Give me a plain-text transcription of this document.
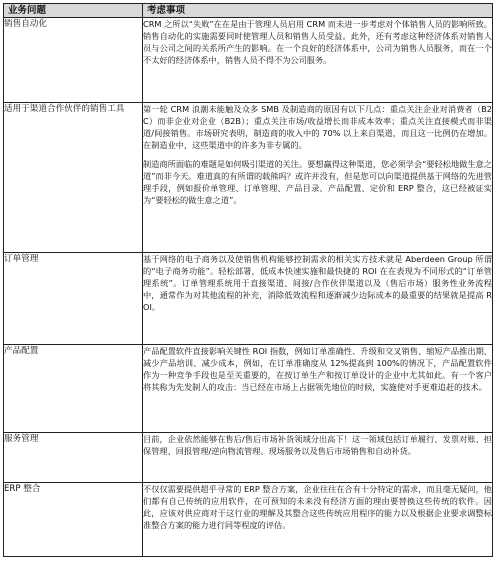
业务问题	考虑事项
销售自动化	CRM 之所以“失败”在在是由于管理人员启用 CRM 而未进一步考虑对个体销售人员的影响所致。销售自动化的实施需要同时使管理人员和销售人员受益。此外，还有考虑这种经济体系对销售人员与公司之间的关系所产生的影响。在一个良好的经济体系中，公司为销售人员服务，而在一个不太好的经济体系中，销售人员不得不为公司服务。

适用于渠道合作伙伴的销售工具	第一轮 CRM 浪潮未能触及众多 SMB 及制造商的原因有以下几点：重点关注企业对消费者（B2C）而非企业对企业（B2B）；重点关注市场/收益增长而非成本效率；重点关注直接模式而非渠道/间接销售。市场研究表明，制造商的收入中的 70% 以上来自渠道，而且这一比例仍在增加。在制造业中，这些渠道中的许多为非专属的。

制造商所面临的难题是如何吸引渠道的关注。要想赢得这种渠道，您必须学会“要轻松地做生意之道”而非今天。难道真的有所谓的载熊吗？或许并没有，但是您可以向渠道提供基于网络的先进管理手段，例如报价单管理、订单管理、产品目录、产品配置、定价和 ERP 整合，这已经被证实为“要轻松的做生意之道”。

订单管理	基于网络的电子商务以及使销售机构能够控制需求的相关实方技术就是 Aberdeen Group 所谓的“电子商务功能”。轻松部署，低成本快速实施和最快捷的 ROI 在在表现为不同形式的“订单管理系统”。订单管理系统用于直接渠道、间接/合作伙伴渠道以及（售后市场）服务性业务流程中，通常作为对其他流程的补充，消除低效流程和逐渐减少边际成本的最重要的结果就是提高 ROI。

产品配置	产品配置软件直接影响关键性 ROI 指数，例如订单准确性、升级和交叉销售、缩短产品推出期、减少产品培训、减少成本，例如，在订单准确度从 12%提高到 100%的情况下，产品配置软件作为一种竞争手段也是至关重要的，在按订单生产和按订单设计的企业中尤其如此。有一个客户将其称为先发制人的攻击：当已经在市场上占据领先地位的时候，实施使对手更难追赶的技术。

服务管理	目前，企业依然能够在售后/售后市场补货领域分出高下！这一领域包括订单履行、发票对账、担保管理、回报管理/逆向物流管理、现场服务以及售后市场销售和自动补货。

ERP 整合	不仅仅需要提供超乎寻常的 ERP 整合方案，企业往往在合有十分特定的需求，而且毫无疑问，他们都有自己传统的应用软件，在可预知的未来没有经济方面的理由要替换这些传统的软件。因此，应该对供应商对于这行业的理解及其整合这些传统应用程序的能力以及根据企业要求调整标准整合方案的能力进行同等程度的评估。
